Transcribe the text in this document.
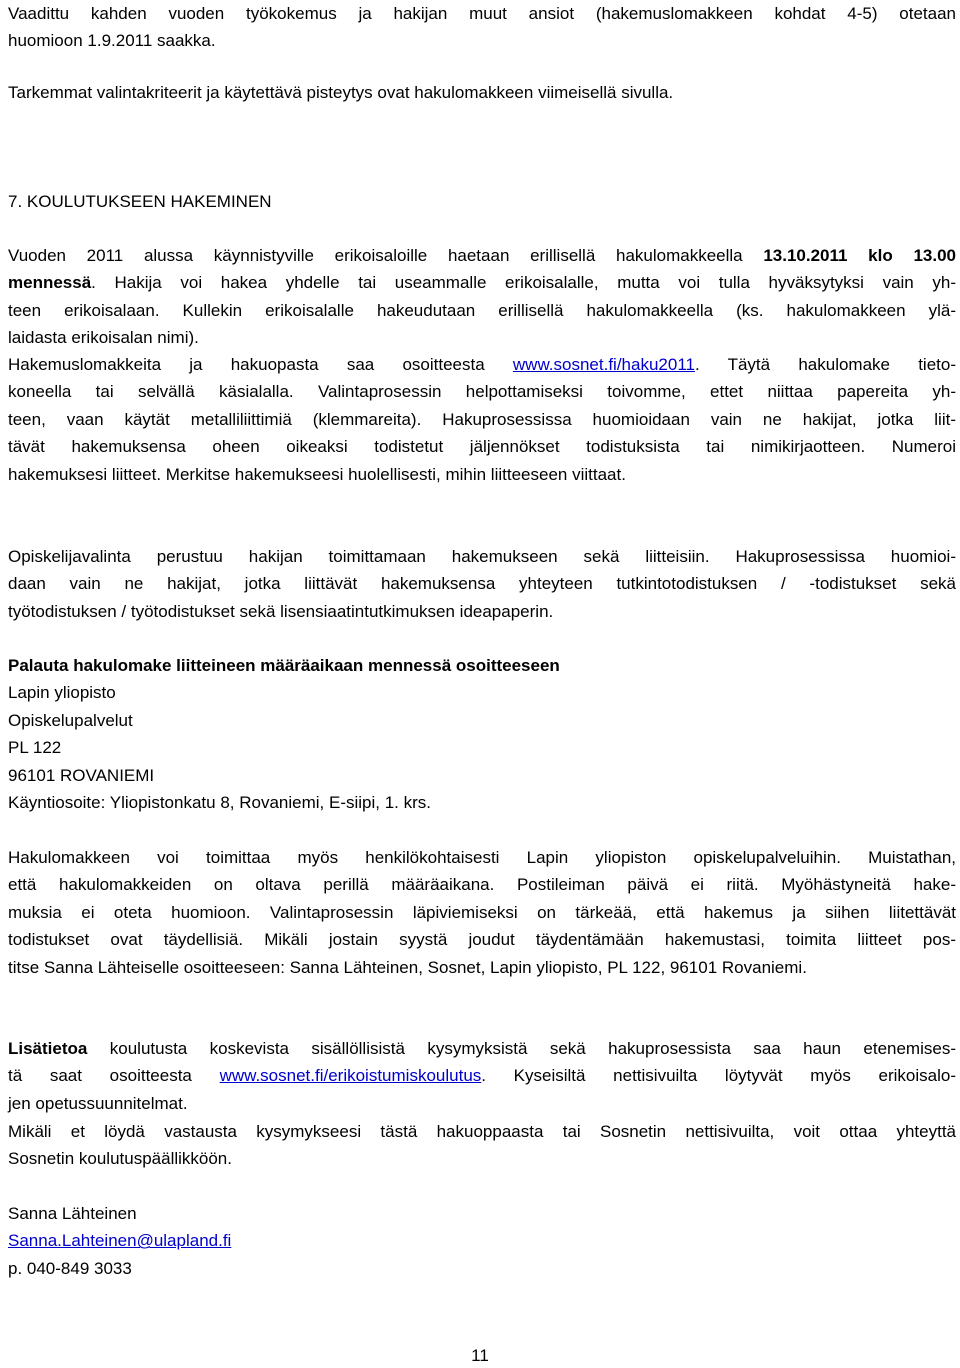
Vaadittu kahden vuoden työkokemus ja hakijan muut ansiot (hakemuslomakkeen kohdat 4-5) otetaan
huomioon 1.9.2011 saakka.

Tarkemmat valintakriteerit ja käytettävä pisteytys ovat hakulomakkeen viimeisellä sivulla.

7. KOULUTUKSEEN HAKEMINEN

Vuoden 2011 alussa käynnistyville erikoisaloille haetaan erillisellä hakulomakkeella 13.10.2011 klo 13.00
mennessä. Hakija voi hakea yhdelle tai useammalle erikoisalalle, mutta voi tulla hyväksytyksi vain yh-
teen erikoisalaan. Kullekin erikoisalalle hakeudutaan erillisellä hakulomakkeella (ks. hakulomakkeen ylä-
laidasta erikoisalan nimi).

Hakemuslomakkeita ja hakuopasta saa osoitteesta www.sosnet.fi/haku2011. Täytä hakulomake tieto-
koneella tai selvällä käsialalla. Valintaprosessin helpottamiseksi toivomme, ettet niittaa papereita yh-
teen, vaan käytät metalliliittimiä (klemmareita). Hakuprosessissa huomioidaan vain ne hakijat, jotka liit-
tävät hakemuksensa oheen oikeaksi todistetut jäljennökset todistuksista tai nimikirjaotteen. Numeroi
hakemuksesi liitteet. Merkitse hakemukseesi huolellisesti, mihin liitteeseen viittaat.

Opiskelijavalinta perustuu hakijan toimittamaan hakemukseen sekä liitteisiin. Hakuprosessissa huomioi-
daan vain ne hakijat, jotka liittävät hakemuksensa yhteyteen tutkintotodistuksen / -todistukset sekä
työtodistuksen / työtodistukset sekä lisensiaatintutkimuksen ideapaperin.

Palauta hakulomake liitteineen määräaikaan mennessä osoitteeseen
Lapin yliopisto
Opiskelupalvelut
PL 122
96101 ROVANIEMI
Käyntiosoite: Yliopistonkatu 8, Rovaniemi, E-siipi, 1. krs.

Hakulomakkeen voi toimittaa myös henkilökohtaisesti Lapin yliopiston opiskelupalveluihin. Muistathan,
että hakulomakkeiden on oltava perillä määräaikana. Postileiman päivä ei riitä. Myöhästyneitä hake-
muksia ei oteta huomioon. Valintaprosessin läpiviemiseksi on tärkeää, että hakemus ja siihen liitettävät
todistukset ovat täydellisiä. Mikäli jostain syystä joudut täydentämään hakemustasi, toimita liitteet pos-
titse Sanna Lähteiselle osoitteeseen: Sanna Lähteinen, Sosnet, Lapin yliopisto, PL 122, 96101 Rovaniemi.

Lisätietoa koulutusta koskevista sisällöllisistä kysymyksistä sekä hakuprosessista saa haun etenemises-
tä saat osoitteesta www.sosnet.fi/erikoistumiskoulutus. Kyseisiltä nettisivuilta löytyvät myös erikoisalo-
jen opetussuunnitelmat.

Mikäli et löydä vastausta kysymykseesi tästä hakuoppaasta tai Sosnetin nettisivuilta, voit ottaa yhteyttä
Sosnetin koulutuspäällikköön.

Sanna Lähteinen
Sanna.Lahteinen@ulapland.fi
p. 040-849 3033

11
